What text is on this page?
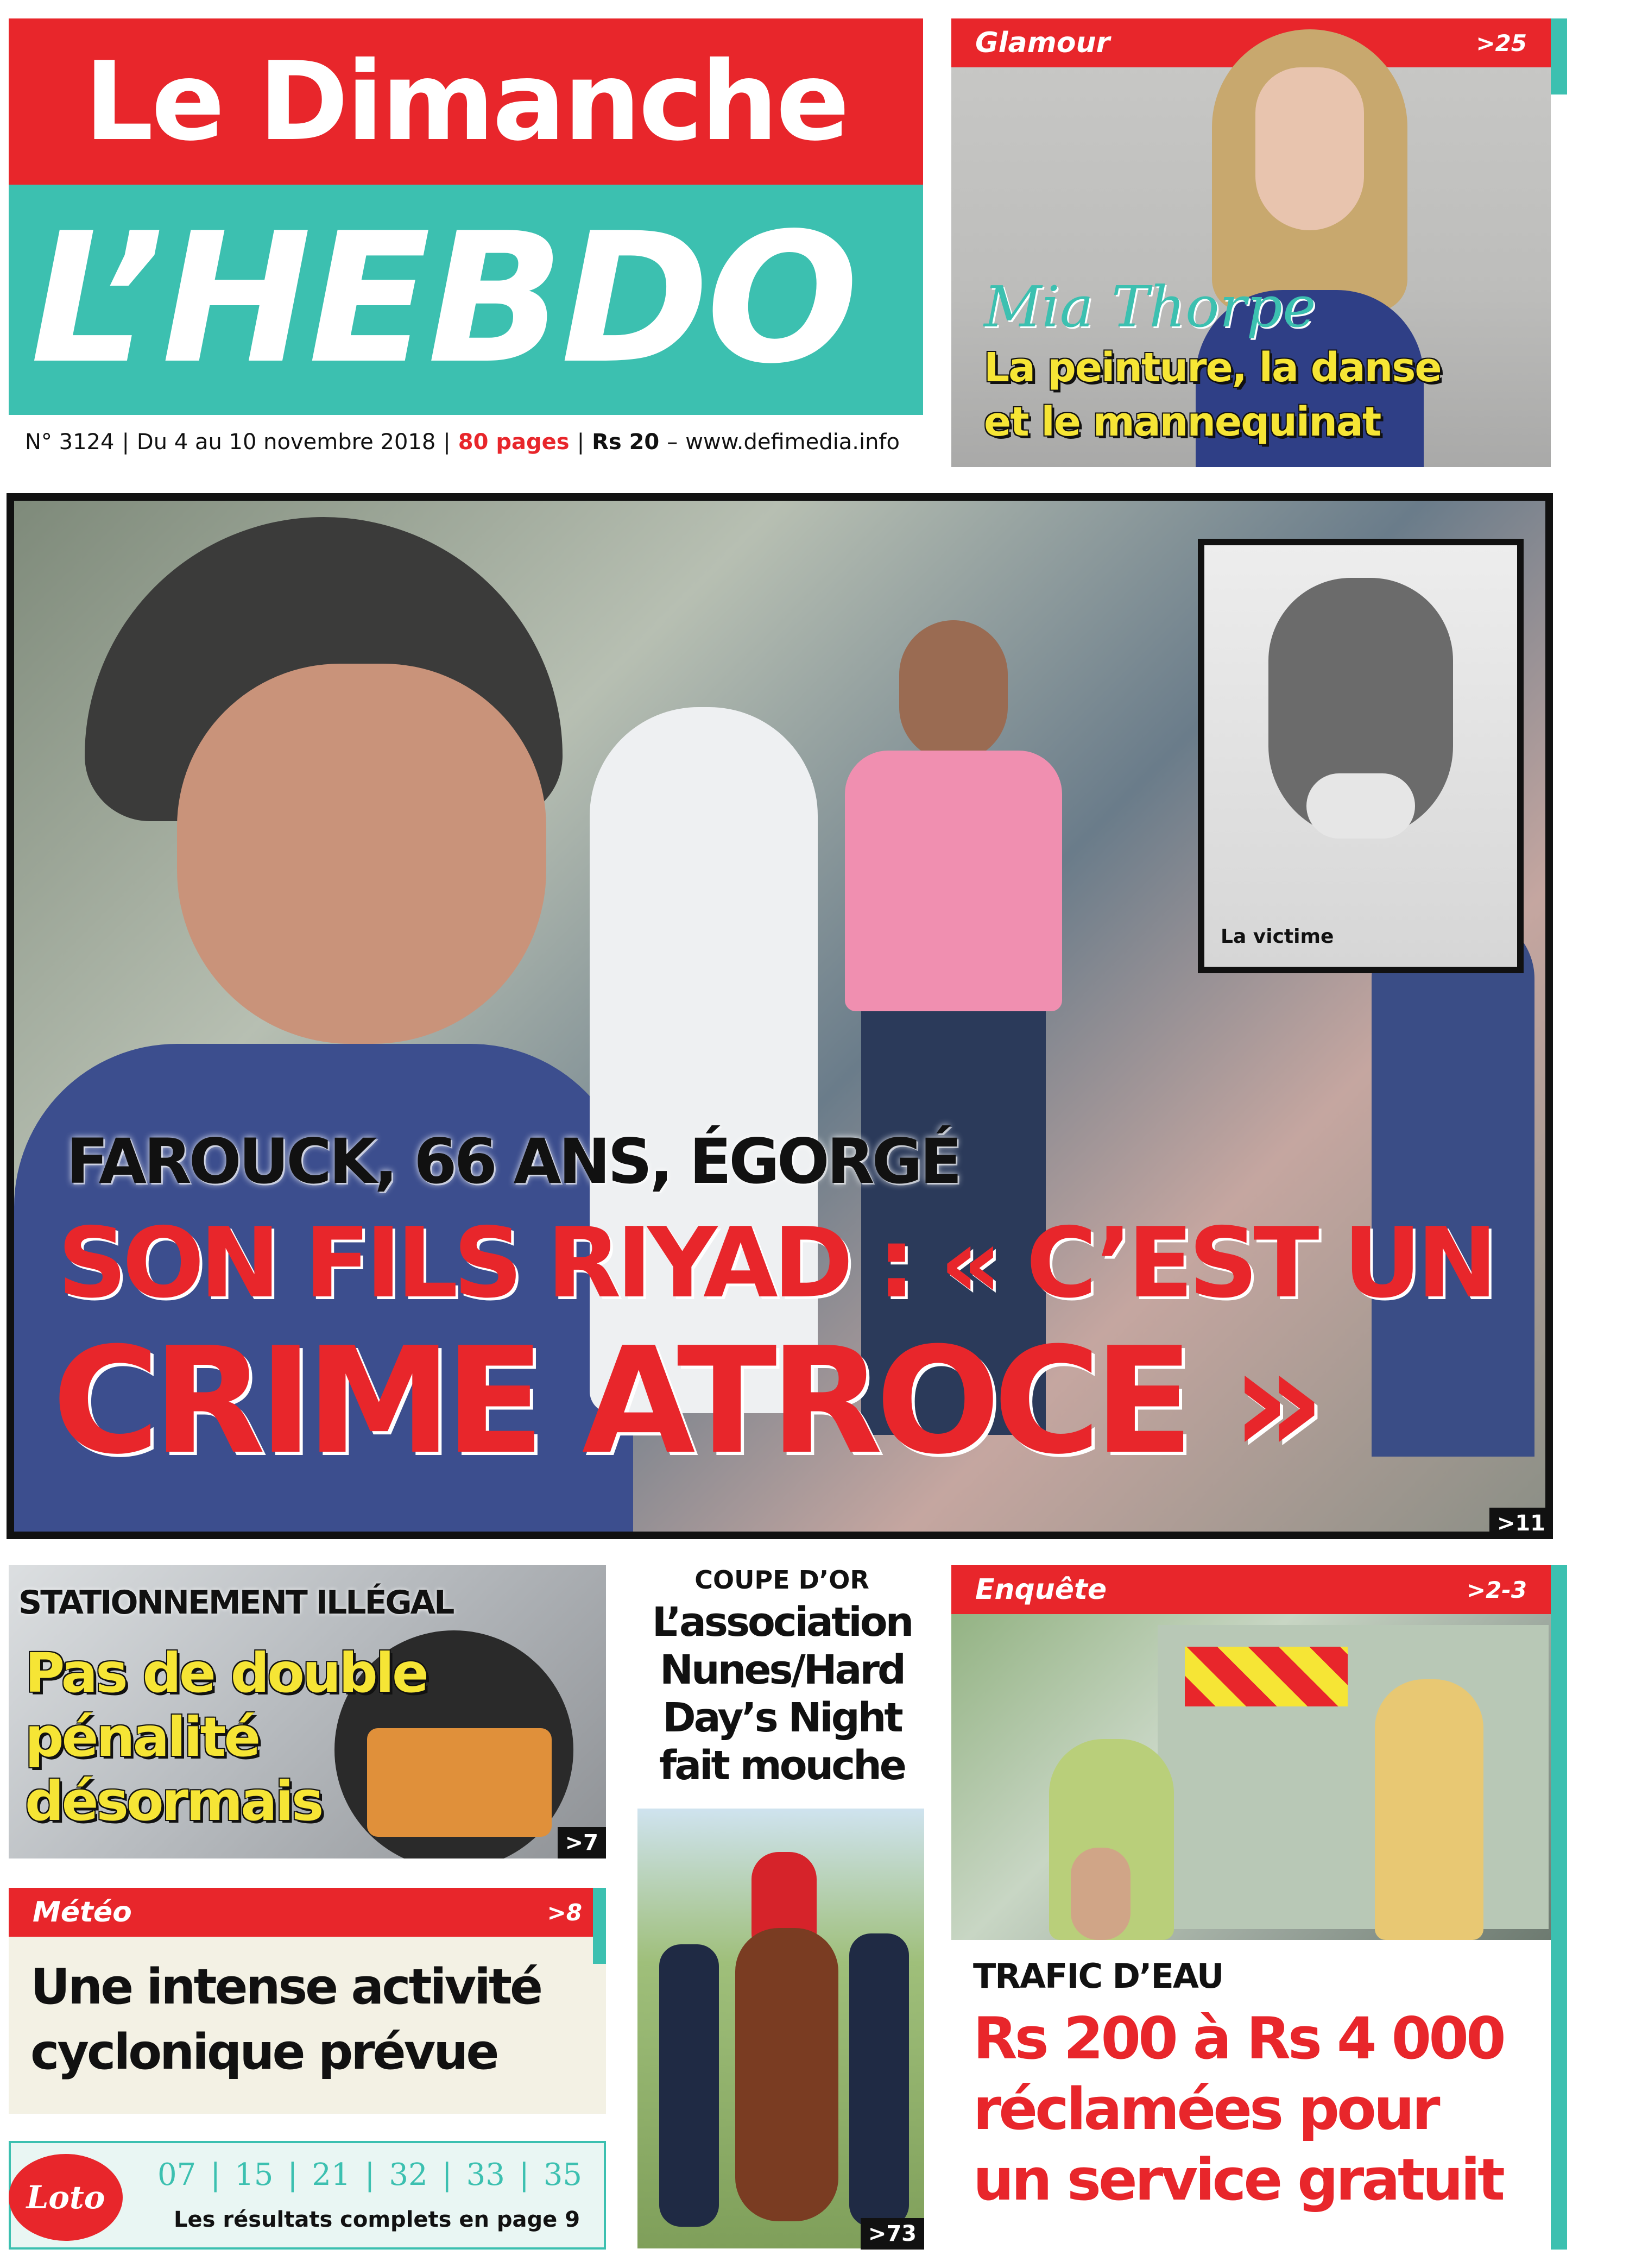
Le Dimanche
L’HEBDO
N° 3124 | Du 4 au 10 novembre 2018 | 80 pages | Rs 20 – www.defimedia.info
Glamour	>25
Mia Thorpe
La peinture, la danse
et le mannequinat
La victime
FAROUCK, 66 ANS, ÉGORGÉ
SON FILS RIYAD : « C’EST UN
CRIME ATROCE »
>11
STATIONNEMENT ILLÉGAL
Pas de double
pénalité
désormais
>7
Météo	>8
Une intense activité
cyclonique prévue
Loto
07 | 15 | 21 | 32 | 33 | 35
Les résultats complets en page 9
COUPE D’OR
L’association
Nunes/Hard
Day’s Night
fait mouche
>73
Enquête	>2-3
TRAFIC D’EAU
Rs 200 à Rs 4 000
réclamées pour
un service gratuit
